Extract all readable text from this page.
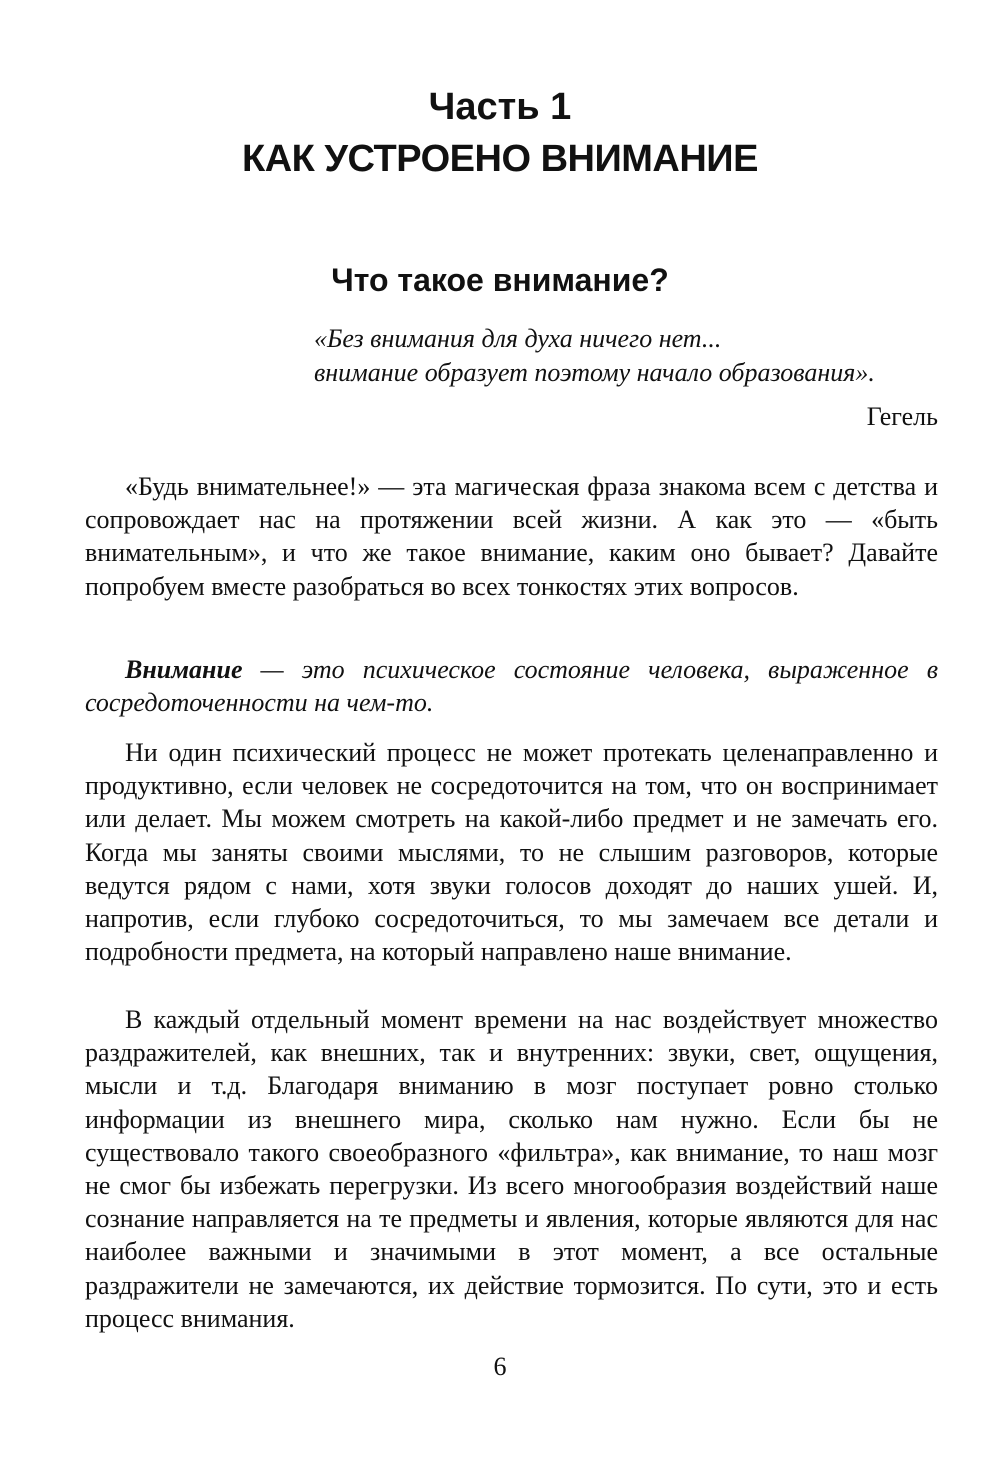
Часть 1
КАК УСТРОЕНО ВНИМАНИЕ
Что такое внимание?

«Без внимания для духа ничего нет...

внимание образует поэтому начало образования».

Гегель

«Будь внимательнее!» — эта магическая фраза знакома всем с детства и сопровождает нас на протяжении всей жизни. А как это — «быть внимательным», и что же такое внимание, каким оно бывает? Давайте попробуем вместе разобраться во всех тонкостях этих вопросов.

Внимание — это психическое состояние человека, выраженное в сосредоточенности на чем-то.

Ни один психический процесс не может протекать целенаправленно и продуктивно, если человек не сосредоточится на том, что он воспринимает или делает. Мы можем смотреть на какой-либо предмет и не замечать его. Когда мы заняты своими мыслями, то не слышим разговоров, которые ведутся рядом с нами, хотя звуки голосов доходят до наших ушей. И, напротив, если глубоко сосредоточиться, то мы замечаем все детали и подробности предмета, на который направлено наше внимание.

В каждый отдельный момент времени на нас воздействует множество раздражителей, как внешних, так и внутренних: звуки, свет, ощущения, мысли и т.д. Благодаря вниманию в мозг поступает ровно столько информации из внешнего мира, сколько нам нужно. Если бы не существовало такого своеобразного «фильтра», как внимание, то наш мозг не смог бы избежать перегрузки. Из всего многообразия воздействий наше сознание направляется на те предметы и явления, которые являются для нас наиболее важными и значимыми в этот момент, а все остальные раздражители не замечаются, их действие тормозится. По сути, это и есть процесс внимания.

6
